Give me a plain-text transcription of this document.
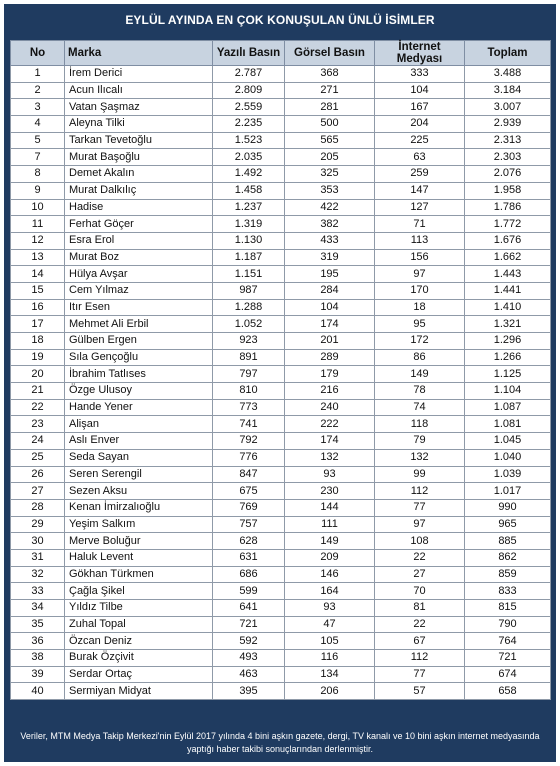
EYLÜL AYINDA EN ÇOK KONUŞULAN ÜNLÜ İSİMLER
No	Marka	Yazılı Basın	Görsel Basın	İnternet Medyası	Toplam
1	İrem Derici	2.787	368	333	3.488
2	Acun Ilıcalı	2.809	271	104	3.184
3	Vatan Şaşmaz	2.559	281	167	3.007
4	Aleyna Tilki	2.235	500	204	2.939
5	Tarkan Tevetoğlu	1.523	565	225	2.313
7	Murat Başoğlu	2.035	205	63	2.303
8	Demet Akalın	1.492	325	259	2.076
9	Murat Dalkılıç	1.458	353	147	1.958
10	Hadise	1.237	422	127	1.786
11	Ferhat Göçer	1.319	382	71	1.772
12	Esra Erol	1.130	433	113	1.676
13	Murat Boz	1.187	319	156	1.662
14	Hülya Avşar	1.151	195	97	1.443
15	Cem Yılmaz	987	284	170	1.441
16	Itır Esen	1.288	104	18	1.410
17	Mehmet Ali Erbil	1.052	174	95	1.321
18	Gülben Ergen	923	201	172	1.296
19	Sıla Gençoğlu	891	289	86	1.266
20	İbrahim Tatlıses	797	179	149	1.125
21	Özge Ulusoy	810	216	78	1.104
22	Hande Yener	773	240	74	1.087
23	Alişan	741	222	118	1.081
24	Aslı Enver	792	174	79	1.045
25	Seda Sayan	776	132	132	1.040
26	Seren Serengil	847	93	99	1.039
27	Sezen Aksu	675	230	112	1.017
28	Kenan İmirzalıoğlu	769	144	77	990
29	Yeşim Salkım	757	111	97	965
30	Merve Boluğur	628	149	108	885
31	Haluk Levent	631	209	22	862
32	Gökhan Türkmen	686	146	27	859
33	Çağla Şikel	599	164	70	833
34	Yıldız Tilbe	641	93	81	815
35	Zuhal Topal	721	47	22	790
36	Özcan Deniz	592	105	67	764
38	Burak Özçivit	493	116	112	721
39	Serdar Ortaç	463	134	77	674
40	Sermiyan Midyat	395	206	57	658
Veriler, MTM Medya Takip Merkezi'nin Eylül 2017 yılında 4 bini aşkın gazete, dergi, TV kanalı ve 10 bini aşkın internet medyasında yaptığı haber takibi sonuçlarından derlenmiştir.
